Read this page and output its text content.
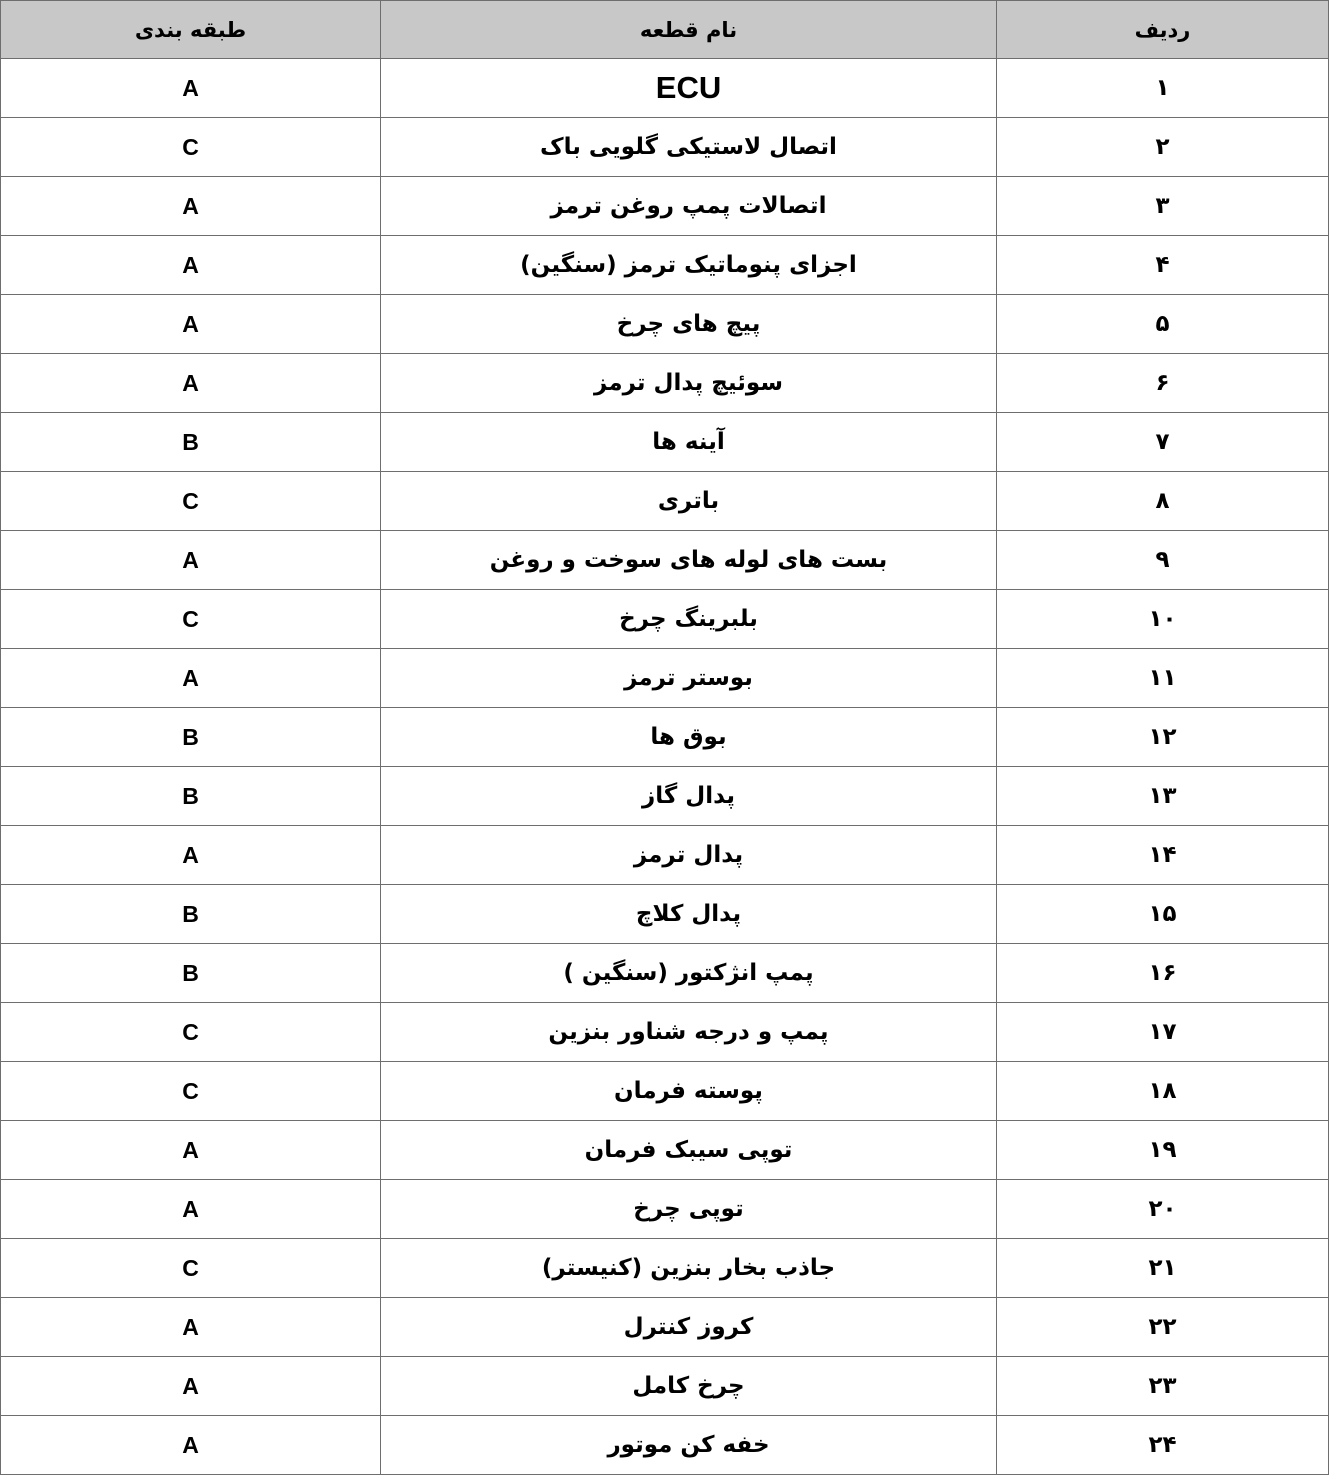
ردیف	نام قطعه	طبقه بندی
۱	ECU	A
۲	اتصال لاستیکی گلویی باک	C
۳	اتصالات پمپ روغن ترمز	A
۴	اجزای پنوماتیک ترمز (سنگین)	A
۵	پیچ های چرخ	A
۶	سوئیچ پدال ترمز	A
۷	آینه ها	B
۸	باتری	C
۹	بست های لوله های سوخت و روغن	A
۱۰	بلبرینگ چرخ	C
۱۱	بوستر ترمز	A
۱۲	بوق ها	B
۱۳	پدال گاز	B
۱۴	پدال ترمز	A
۱۵	پدال کلاچ	B
۱۶	پمپ انژکتور (سنگین )	B
۱۷	پمپ و درجه شناور بنزین	C
۱۸	پوسته فرمان	C
۱۹	توپی سیبک فرمان	A
۲۰	توپی چرخ	A
۲۱	جاذب بخار بنزین (کنیستر)	C
۲۲	کروز کنترل	A
۲۳	چرخ کامل	A
۲۴	خفه کن موتور	A
